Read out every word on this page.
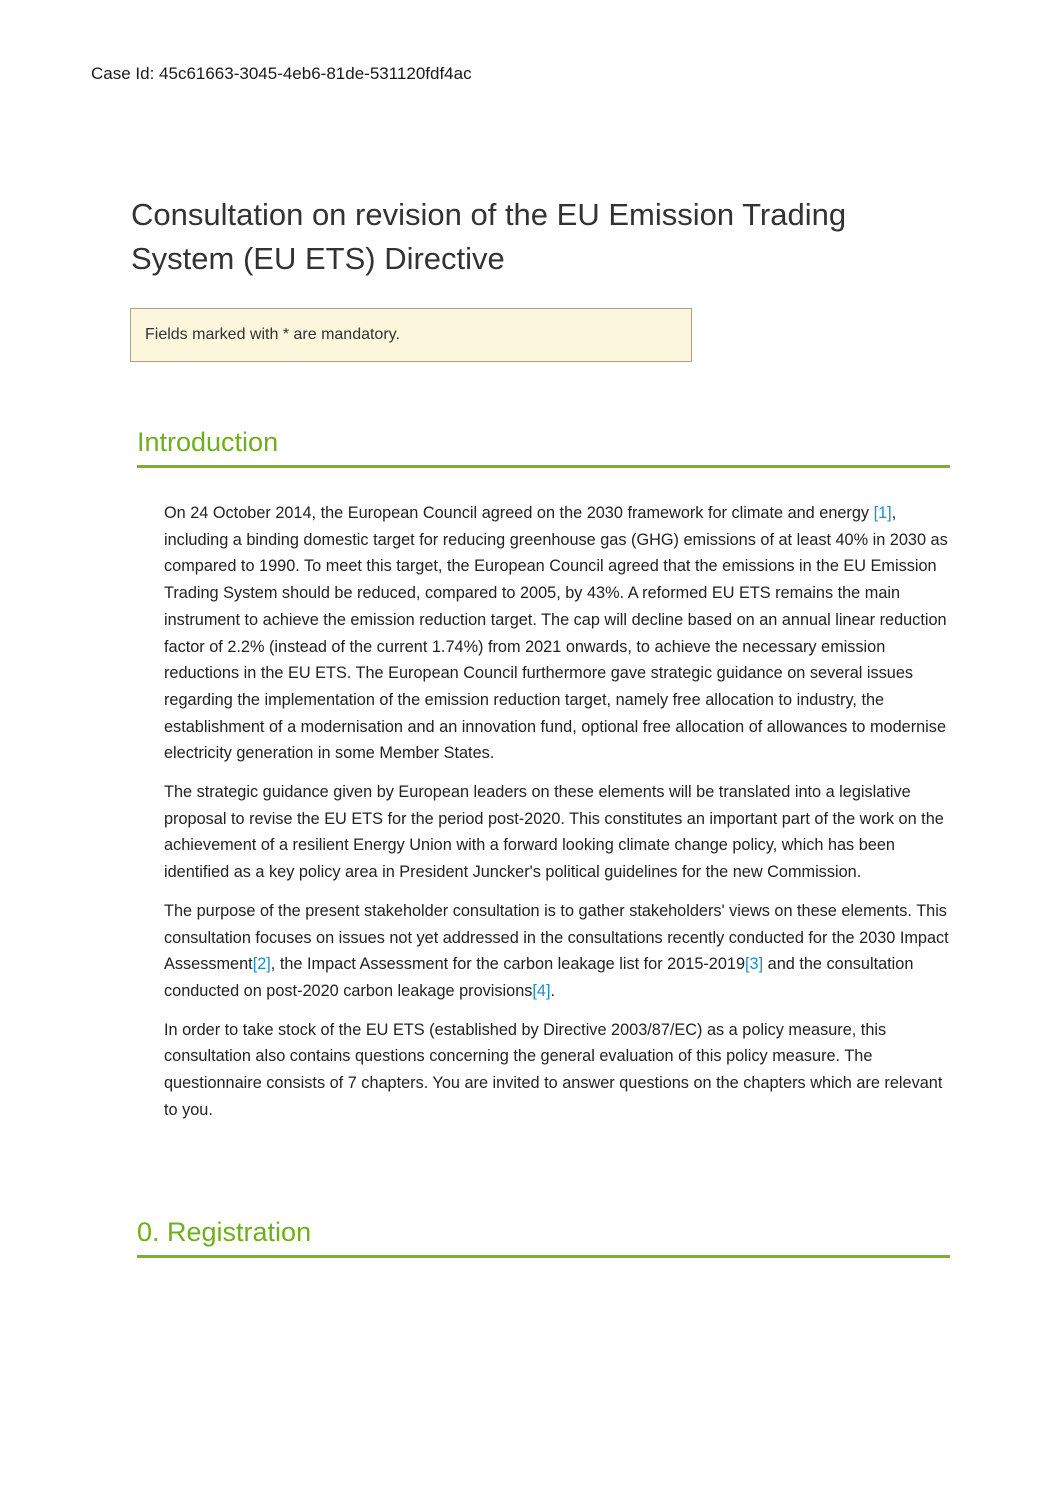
Case Id: 45c61663-3045-4eb6-81de-531120fdf4ac
Consultation on revision of the EU Emission Trading System (EU ETS) Directive
Fields marked with * are mandatory.
Introduction

On 24 October 2014, the European Council agreed on the 2030 framework for climate and energy [1], including a binding domestic target for reducing greenhouse gas (GHG) emissions of at least 40% in 2030 as compared to 1990. To meet this target, the European Council agreed that the emissions in the EU Emission Trading System should be reduced, compared to 2005, by 43%. A reformed EU ETS remains the main instrument to achieve the emission reduction target. The cap will decline based on an annual linear reduction factor of 2.2% (instead of the current 1.74%) from 2021 onwards, to achieve the necessary emission reductions in the EU ETS. The European Council furthermore gave strategic guidance on several issues regarding the implementation of the emission reduction target, namely free allocation to industry, the establishment of a modernisation and an innovation fund, optional free allocation of allowances to modernise electricity generation in some Member States.

The strategic guidance given by European leaders on these elements will be translated into a legislative proposal to revise the EU ETS for the period post-2020. This constitutes an important part of the work on the achievement of a resilient Energy Union with a forward looking climate change policy, which has been identified as a key policy area in President Juncker's political guidelines for the new Commission.

The purpose of the present stakeholder consultation is to gather stakeholders' views on these elements. This consultation focuses on issues not yet addressed in the consultations recently conducted for the 2030 Impact Assessment[2], the Impact Assessment for the carbon leakage list for 2015-2019[3] and the consultation conducted on post-2020 carbon leakage provisions[4].

In order to take stock of the EU ETS (established by Directive 2003/87/EC) as a policy measure, this consultation also contains questions concerning the general evaluation of this policy measure. The questionnaire consists of 7 chapters. You are invited to answer questions on the chapters which are relevant to you.

0. Registration
